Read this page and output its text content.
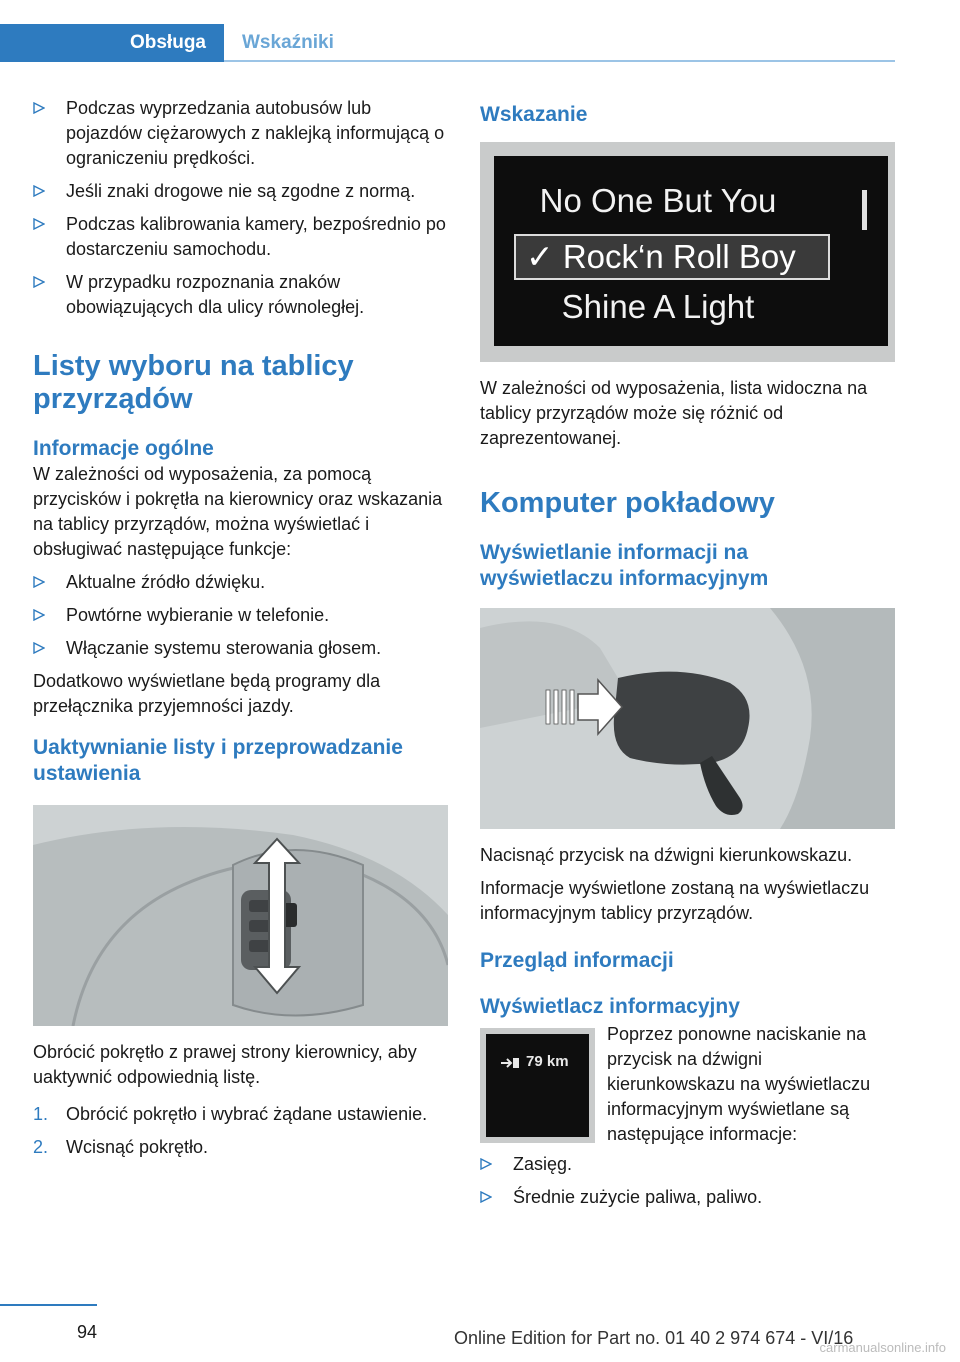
Obsługa	Wskaźniki
Podczas wyprzedzania autobusów lub pojazdów ciężarowych z naklejką informującą o ograniczeniu prędkości.
Jeśli znaki drogowe nie są zgodne z normą.
Podczas kalibrowania kamery, bezpośrednio po dostarczeniu samochodu.
W przypadku rozpoznania znaków obowiązujących dla ulicy równoległej.
Listy wyboru na tablicy
przyrządów
Informacje ogólne

W zależności od wyposażenia, za pomocą przycisków i pokrętła na kierownicy oraz wskazania na tablicy przyrządów, można wyświetlać i obsługiwać następujące funkcje:

Aktualne źródło dźwięku.
Powtórne wybieranie w telefonie.
Włączanie systemu sterowania głosem.

Dodatkowo wyświetlane będą programy dla przełącznika przyjemności jazdy.

Uaktywnianie listy i przeprowadzanie
ustawienia

Obrócić pokrętło z prawej strony kierownicy, aby uaktywnić odpowiednią listę.

1. Obrócić pokrętło i wybrać żądane ustawienie.
2. Wcisnąć pokrętło.
Wskazanie
No One But You
✓ Rock‘n Roll Boy
Shine A Light

W zależności od wyposażenia, lista widoczna na tablicy przyrządów może się różnić od zaprezentowanej.

Komputer pokładowy
Wyświetlanie informacji na
wyświetlaczu informacyjnym

Nacisnąć przycisk na dźwigni kierunkowskazu.

Informacje wyświetlone zostaną na wyświetlaczu informacyjnym tablicy przyrządów.

Przegląd informacji
Wyświetlacz informacyjny
79 km

Poprzez ponowne naciskanie na przycisk na dźwigni kierunkowskazu na wyświetlaczu informacyjnym wyświetlane są następujące informacje:

Zasięg.
Średnie zużycie paliwa, paliwo.
94	Online Edition for Part no. 01 40 2 974 674 - VI/16
carmanualsonline.info
